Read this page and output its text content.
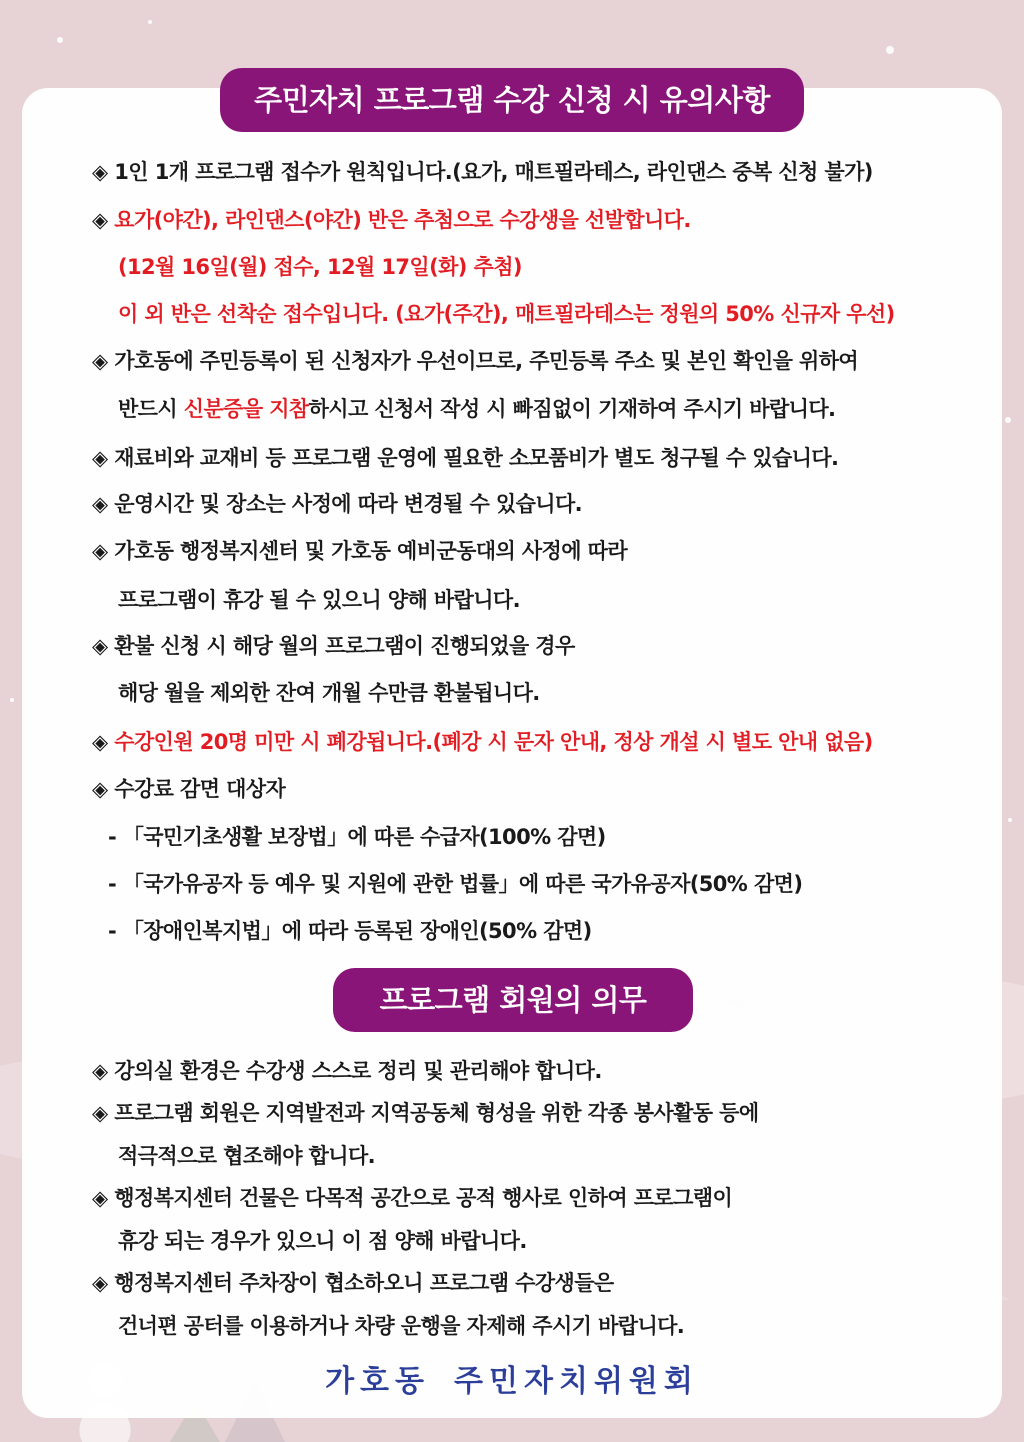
주민자치 프로그램 수강 신청 시 유의사항
◈ 1인 1개 프로그램 접수가 원칙입니다.(요가, 매트필라테스, 라인댄스 중복 신청 불가)
◈ 요가(야간), 라인댄스(야간) 반은 추첨으로 수강생을 선발합니다.
(12월 16일(월) 접수, 12월 17일(화) 추첨)
이 외 반은 선착순 접수입니다. (요가(주간), 매트필라테스는 정원의 50% 신규자 우선)
◈ 가호동에 주민등록이 된 신청자가 우선이므로, 주민등록 주소 및 본인 확인을 위하여
반드시 신분증을 지참하시고 신청서 작성 시 빠짐없이 기재하여 주시기 바랍니다.
◈ 재료비와 교재비 등 프로그램 운영에 필요한 소모품비가 별도 청구될 수 있습니다.
◈ 운영시간 및 장소는 사정에 따라 변경될 수 있습니다.
◈ 가호동 행정복지센터 및 가호동 예비군동대의 사정에 따라
프로그램이 휴강 될 수 있으니 양해 바랍니다.
◈ 환불 신청 시 해당 월의 프로그램이 진행되었을 경우
해당 월을 제외한 잔여 개월 수만큼 환불됩니다.
◈ 수강인원 20명 미만 시 폐강됩니다.(폐강 시 문자 안내, 정상 개설 시 별도 안내 없음)
◈ 수강료 감면 대상자
- 「국민기초생활 보장법」에 따른 수급자(100% 감면)
- 「국가유공자 등 예우 및 지원에 관한 법률」에 따른 국가유공자(50% 감면)
- 「장애인복지법」에 따라 등록된 장애인(50% 감면)
프로그램 회원의 의무
◈ 강의실 환경은 수강생 스스로 정리 및 관리해야 합니다.
◈ 프로그램 회원은 지역발전과 지역공동체 형성을 위한 각종 봉사활동 등에
적극적으로 협조해야 합니다.
◈ 행정복지센터 건물은 다목적 공간으로 공적 행사로 인하여 프로그램이
휴강 되는 경우가 있으니 이 점 양해 바랍니다.
◈ 행정복지센터 주차장이 협소하오니 프로그램 수강생들은
건너편 공터를 이용하거나 차량 운행을 자제해 주시기 바랍니다.
가호동 주민자치위원회
